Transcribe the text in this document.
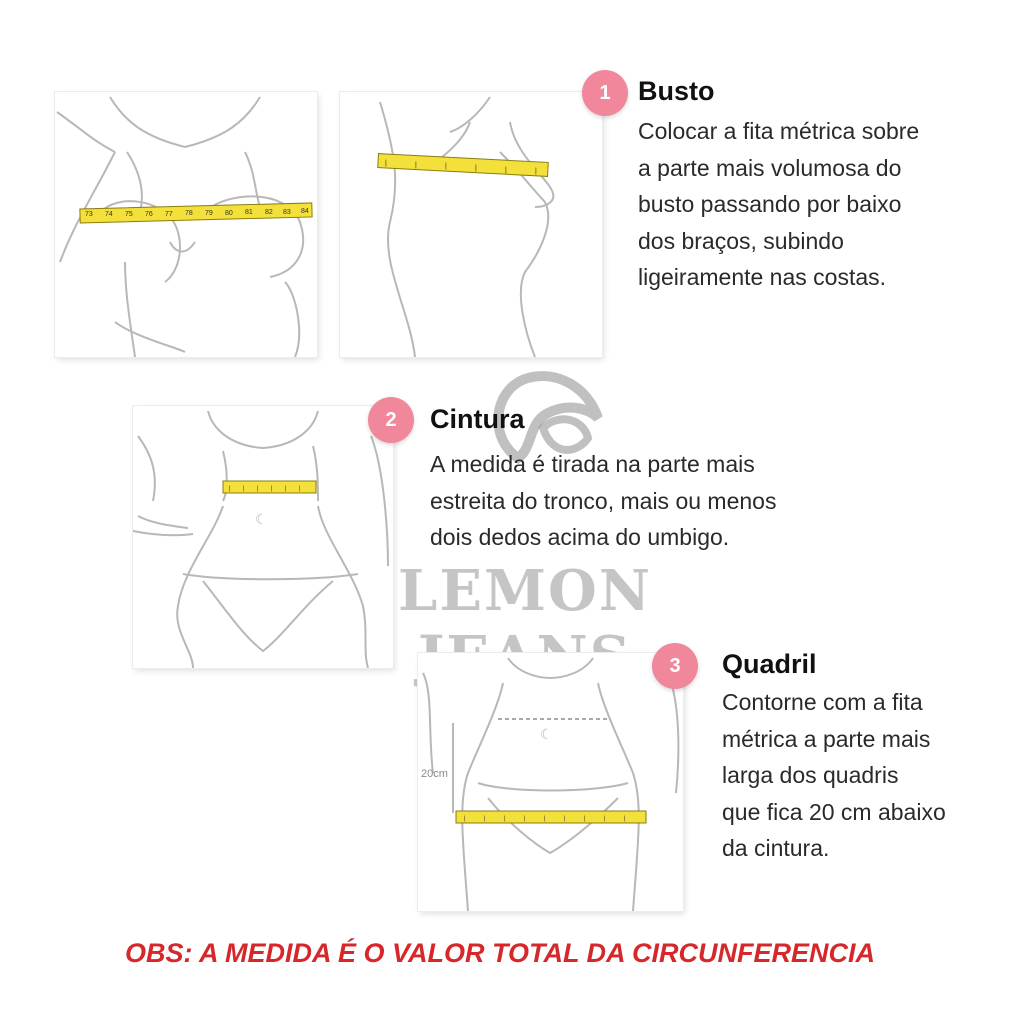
LEMON
73 74 75 76 77 78 79 80 81 82 83 84
|	|	|	|	|	|
1	Busto
Colocar a fita métrica sobre
a parte mais volumosa do
busto passando por baixo
dos braços, subindo
ligeiramente nas costas.
☾
| | | | | |
2	Cintura
A medida é tirada na parte mais
estreita do tronco, mais ou menos
dois dedos acima do umbigo.
☾
20cm
|	|	|	|	|	|	|	|	|
3	Quadril
Contorne com a fita
métrica a parte mais
larga dos quadris
que fica 20 cm abaixo
da cintura.
OBS: A MEDIDA É O VALOR TOTAL DA CIRCUNFERENCIA
